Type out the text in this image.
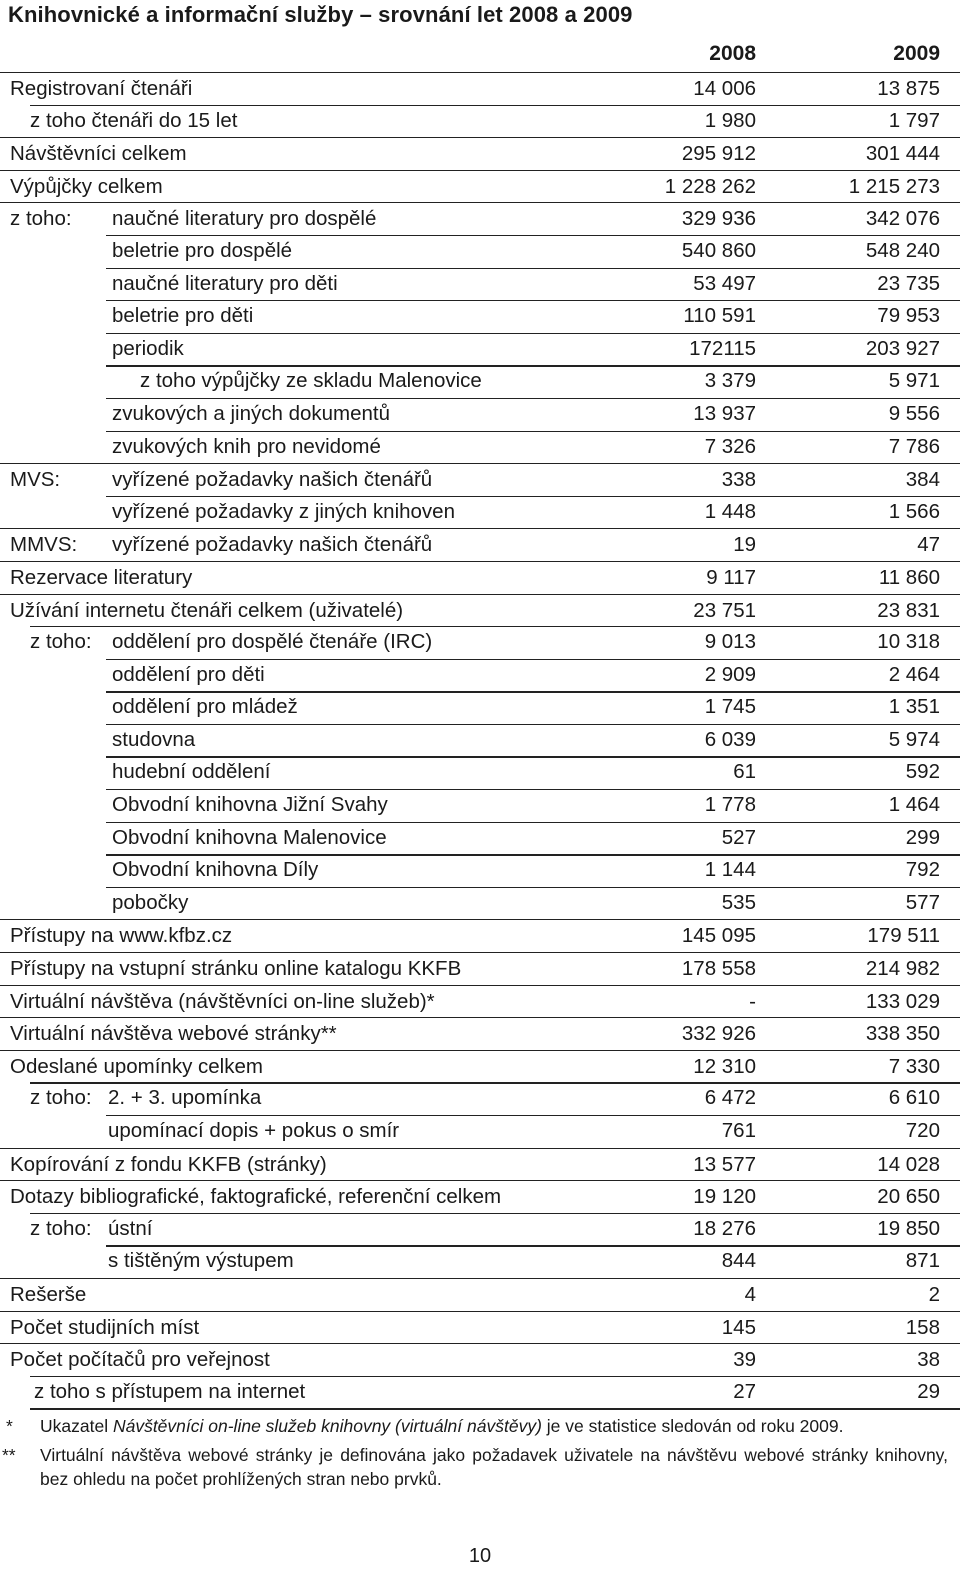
Knihovnické a informační služby – srovnání let 2008 a 2009
2008	2009
Registrovaní čtenáři	14 006	13 875
z toho čtenáři do 15 let	1 980	1 797
Návštěvníci celkem	295 912	301 444
Výpůjčky celkem	1 228 262	1 215 273
z toho: naučné literatury pro dospělé	329 936	342 076
beletrie pro dospělé	540 860	548 240
naučné literatury pro děti	53 497	23 735
beletrie pro děti	110 591	79 953
periodik	172115	203 927
z toho výpůjčky ze skladu Malenovice	3 379	5 971
zvukových a jiných dokumentů	13 937	9 556
zvukových knih pro nevidomé	7 326	7 786
MVS:	vyřízené požadavky našich čtenářů	338	384
vyřízené požadavky z jiných knihoven	1 448	1 566
MMVS: vyřízené požadavky našich čtenářů	19	47
Rezervace literatury	9 117	11 860
Užívání internetu čtenáři celkem (uživatelé)	23 751	23 831
z toho: oddělení pro dospělé čtenáře (IRC)	9 013	10 318
oddělení pro děti	2 909	2 464
oddělení pro mládež	1 745	1 351
studovna	6 039	5 974
hudební oddělení	61	592
Obvodní knihovna Jižní Svahy	1 778	1 464
Obvodní knihovna Malenovice	527	299
Obvodní knihovna Díly	1 144	792
pobočky	535	577
Přístupy na www.kfbz.cz	145 095	179 511
Přístupy na vstupní stránku online katalogu KKFB	178 558	214 982
Virtuální návštěva (návštěvníci on-line služeb)*	-	133 029
Virtuální návštěva webové stránky**	332 926	338 350
Odeslané upomínky celkem	12 310	7 330
z toho: 2. + 3. upomínka	6 472	6 610
upomínací dopis + pokus o smír	761	720
Kopírování z fondu KKFB (stránky)	13 577	14 028
Dotazy bibliografické, faktografické, referenční celkem	19 120	20 650
z toho: ústní	18 276	19 850
s tištěným výstupem	844	871
Rešerše	4	2
Počet studijních míst	145	158
Počet počítačů pro veřejnost	39	38
z toho s přístupem na internet	27	29
* Ukazatel Návštěvníci on-line služeb knihovny (virtuální návštěvy) je ve statistice sledován od roku 2009.
** Virtuální návštěva webové stránky je definována jako požadavek uživatele na návštěvu webové stránky knihovny, bez ohledu na počet prohlížených stran nebo prvků.
10
